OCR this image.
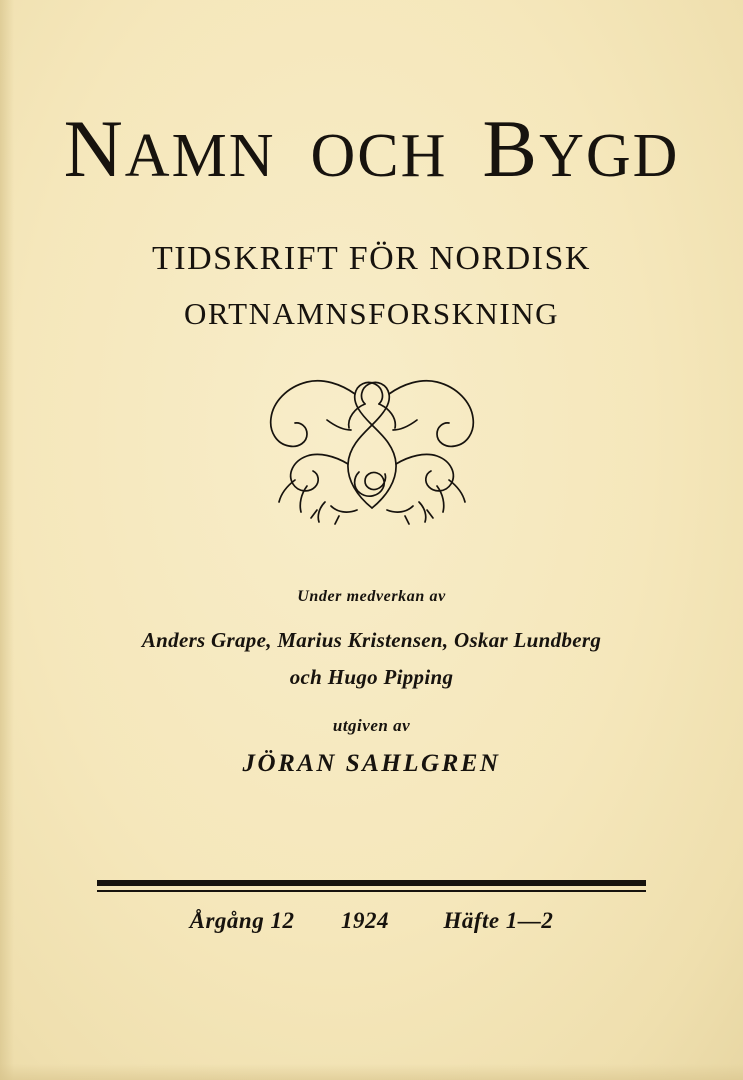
NAMN OCH BYGD
TIDSKRIFT FÖR NORDISK
ORTNAMNSFORSKNING
Under medverkan av
Anders Grape, Marius Kristensen, Oskar Lundberg
och Hugo Pipping
utgiven av
JÖRAN SAHLGREN
Årgång 12 1924 Häfte 1—2
